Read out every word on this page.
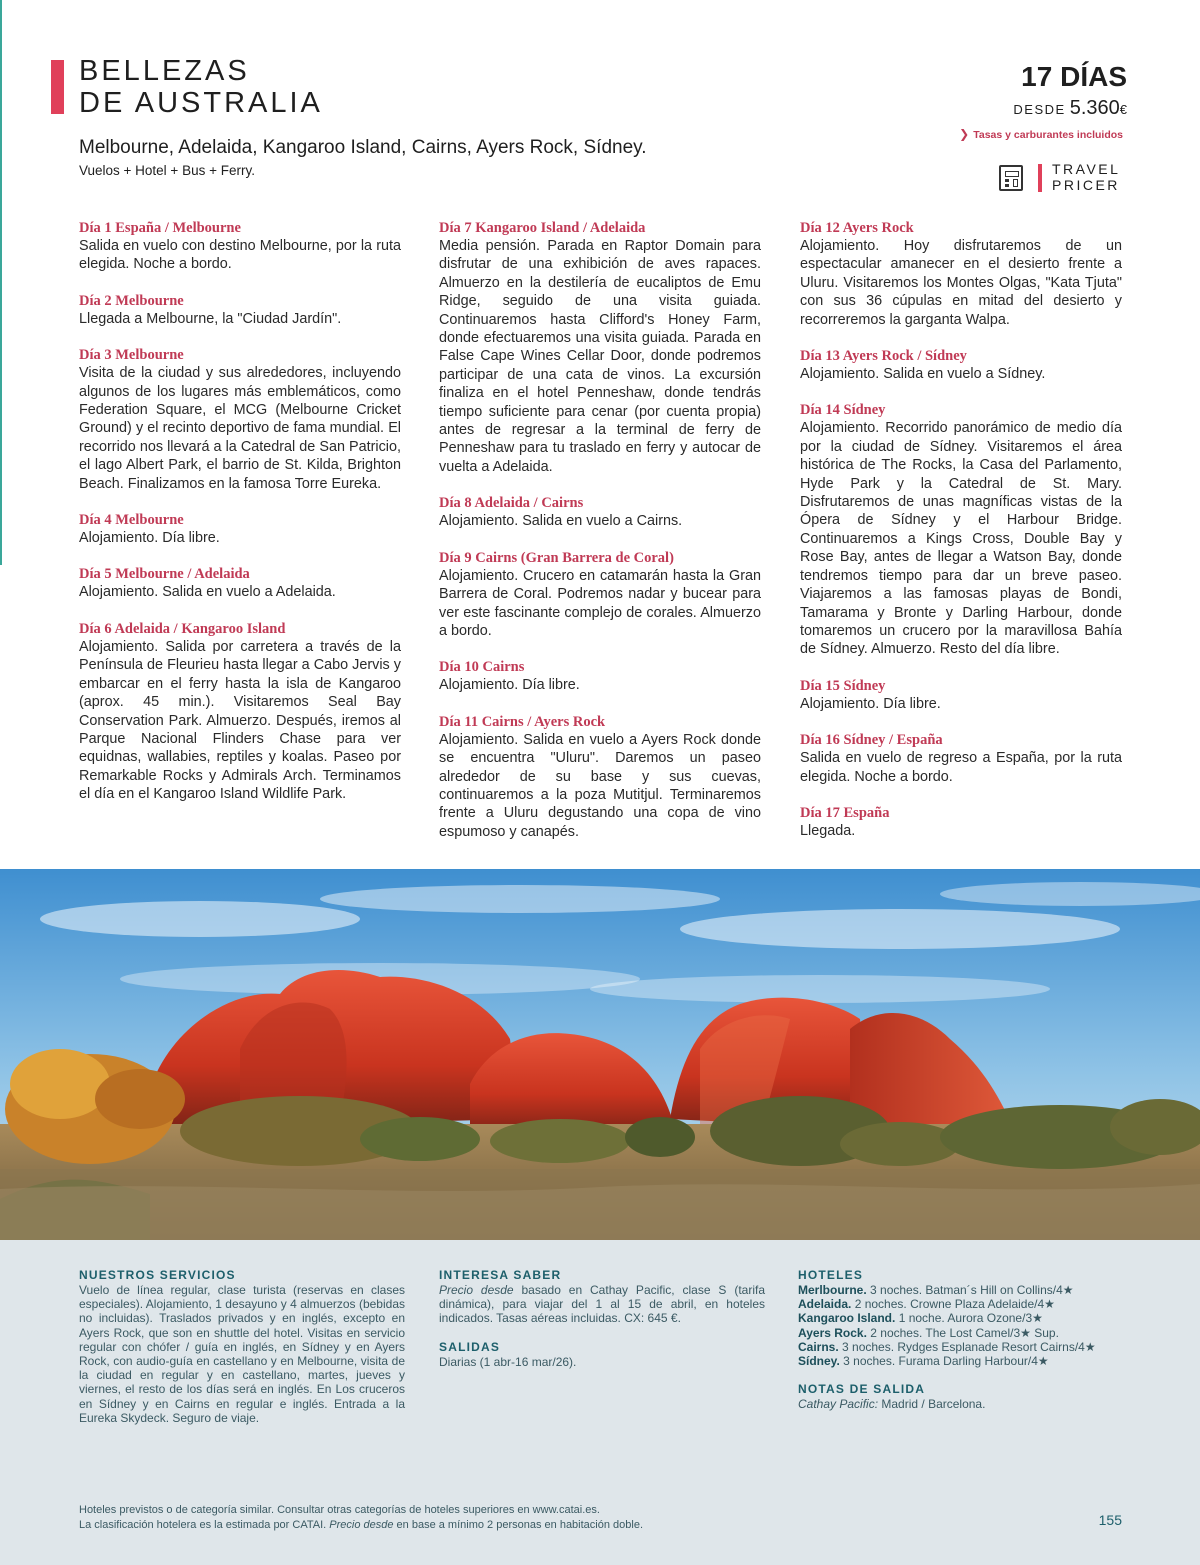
BELLEZAS
DE AUSTRALIA
Melbourne, Adelaida, Kangaroo Island, Cairns, Ayers Rock, Sídney.
Vuelos + Hotel + Bus + Ferry.
17 DÍAS
DESDE 5.360€
❯ Tasas y carburantes incluidos
TRAVEL
PRICER

Día 1 España / Melbourne

Salida en vuelo con destino Melbourne, por la ruta elegida. Noche a bordo.

Día 2 Melbourne

Llegada a Melbourne, la "Ciudad Jardín".

Día 3 Melbourne

Visita de la ciudad y sus alrededores, incluyendo algunos de los lugares más emblemáticos, como Federation Square, el MCG (Melbourne Cricket Ground) y el recinto deportivo de fama mundial. El recorrido nos llevará a la Catedral de San Patricio, el lago Albert Park, el barrio de St. Kilda, Brighton Beach. Finalizamos en la famosa Torre Eureka.

Día 4 Melbourne

Alojamiento. Día libre.

Día 5 Melbourne / Adelaida

Alojamiento. Salida en vuelo a Adelaida.

Día 6 Adelaida / Kangaroo Island

Alojamiento. Salida por carretera a través de la Península de Fleurieu hasta llegar a Cabo Jervis y embarcar en el ferry hasta la isla de Kangaroo (aprox. 45 min.). Visitaremos Seal Bay Conservation Park. Almuerzo. Después, iremos al Parque Nacional Flinders Chase para ver equidnas, wallabies, reptiles y koalas. Paseo por Remarkable Rocks y Admirals Arch. Terminamos el día en el Kangaroo Island Wildlife Park.

Día 7 Kangaroo Island / Adelaida

Media pensión. Parada en Raptor Domain para disfrutar de una exhibición de aves rapaces. Almuerzo en la destilería de eucaliptos de Emu Ridge, seguido de una visita guiada. Continuaremos hasta Clifford's Honey Farm, donde efectuaremos una visita guiada. Parada en False Cape Wines Cellar Door, donde podremos participar de una cata de vinos. La excursión finaliza en el hotel Penneshaw, donde tendrás tiempo suficiente para cenar (por cuenta propia) antes de regresar a la terminal de ferry de Penneshaw para tu traslado en ferry y autocar de vuelta a Adelaida.

Día 8 Adelaida / Cairns

Alojamiento. Salida en vuelo a Cairns.

Día 9 Cairns (Gran Barrera de Coral)

Alojamiento. Crucero en catamarán hasta la Gran Barrera de Coral. Podremos nadar y bucear para ver este fascinante complejo de corales. Almuerzo a bordo.

Día 10 Cairns

Alojamiento. Día libre.

Día 11 Cairns / Ayers Rock

Alojamiento. Salida en vuelo a Ayers Rock donde se encuentra "Uluru". Daremos un paseo alrededor de su base y sus cuevas, continuaremos a la poza Mutitjul. Terminaremos frente a Uluru degustando una copa de vino espumoso y canapés.

Día 12 Ayers Rock

Alojamiento. Hoy disfrutaremos de un espectacular amanecer en el desierto frente a Uluru. Visitaremos los Montes Olgas, "Kata Tjuta" con sus 36 cúpulas en mitad del desierto y recorreremos la garganta Walpa.

Día 13 Ayers Rock / Sídney

Alojamiento. Salida en vuelo a Sídney.

Día 14 Sídney

Alojamiento. Recorrido panorámico de medio día por la ciudad de Sídney. Visitaremos el área histórica de The Rocks, la Casa del Parlamento, Hyde Park y la Catedral de St. Mary. Disfrutaremos de unas magníficas vistas de la Ópera de Sídney y el Harbour Bridge. Continuaremos a Kings Cross, Double Bay y Rose Bay, antes de llegar a Watson Bay, donde tendremos tiempo para dar un breve paseo. Viajaremos a las famosas playas de Bondi, Tamarama y Bronte y Darling Harbour, donde tomaremos un crucero por la maravillosa Bahía de Sídney. Almuerzo. Resto del día libre.

Día 15 Sídney

Alojamiento. Día libre.

Día 16 Sídney / España

Salida en vuelo de regreso a España, por la ruta elegida. Noche a bordo.

Día 17 España

Llegada.

NUESTROS SERVICIOS

Vuelo de línea regular, clase turista (reservas en clases especiales). Alojamiento, 1 desayuno y 4 almuerzos (bebidas no incluidas). Traslados privados y en inglés, excepto en Ayers Rock, que son en shuttle del hotel. Visitas en servicio regular con chófer / guía en inglés, en Sídney y en Ayers Rock, con audio-guía en castellano y en Melbourne, visita de la ciudad en regular y en castellano, martes, jueves y viernes, el resto de los días será en inglés. En Los cruceros en Sídney y en Cairns en regular e inglés. Entrada a la Eureka Skydeck. Seguro de viaje.

INTERESA SABER

Precio desde basado en Cathay Pacific, clase S (tarifa dinámica), para viajar del 1 al 15 de abril, en hoteles indicados. Tasas aéreas incluidas. CX: 645 €.

SALIDAS

Diarias (1 abr-16 mar/26).

HOTELES

Merlbourne. 3 noches. Batman´s Hill on Collins/4★
Adelaida. 2 noches. Crowne Plaza Adelaide/4★
Kangaroo Island. 1 noche. Aurora Ozone/3★
Ayers Rock. 2 noches. The Lost Camel/3★ Sup.
Cairns. 3 noches. Rydges Esplanade Resort Cairns/4★
Sídney. 3 noches. Furama Darling Harbour/4★

NOTAS DE SALIDA

Cathay Pacific: Madrid / Barcelona.

Hoteles previstos o de categoría similar. Consultar otras categorías de hoteles superiores en www.catai.es.
La clasificación hotelera es la estimada por CATAI. Precio desde en base a mínimo 2 personas en habitación doble.	155
